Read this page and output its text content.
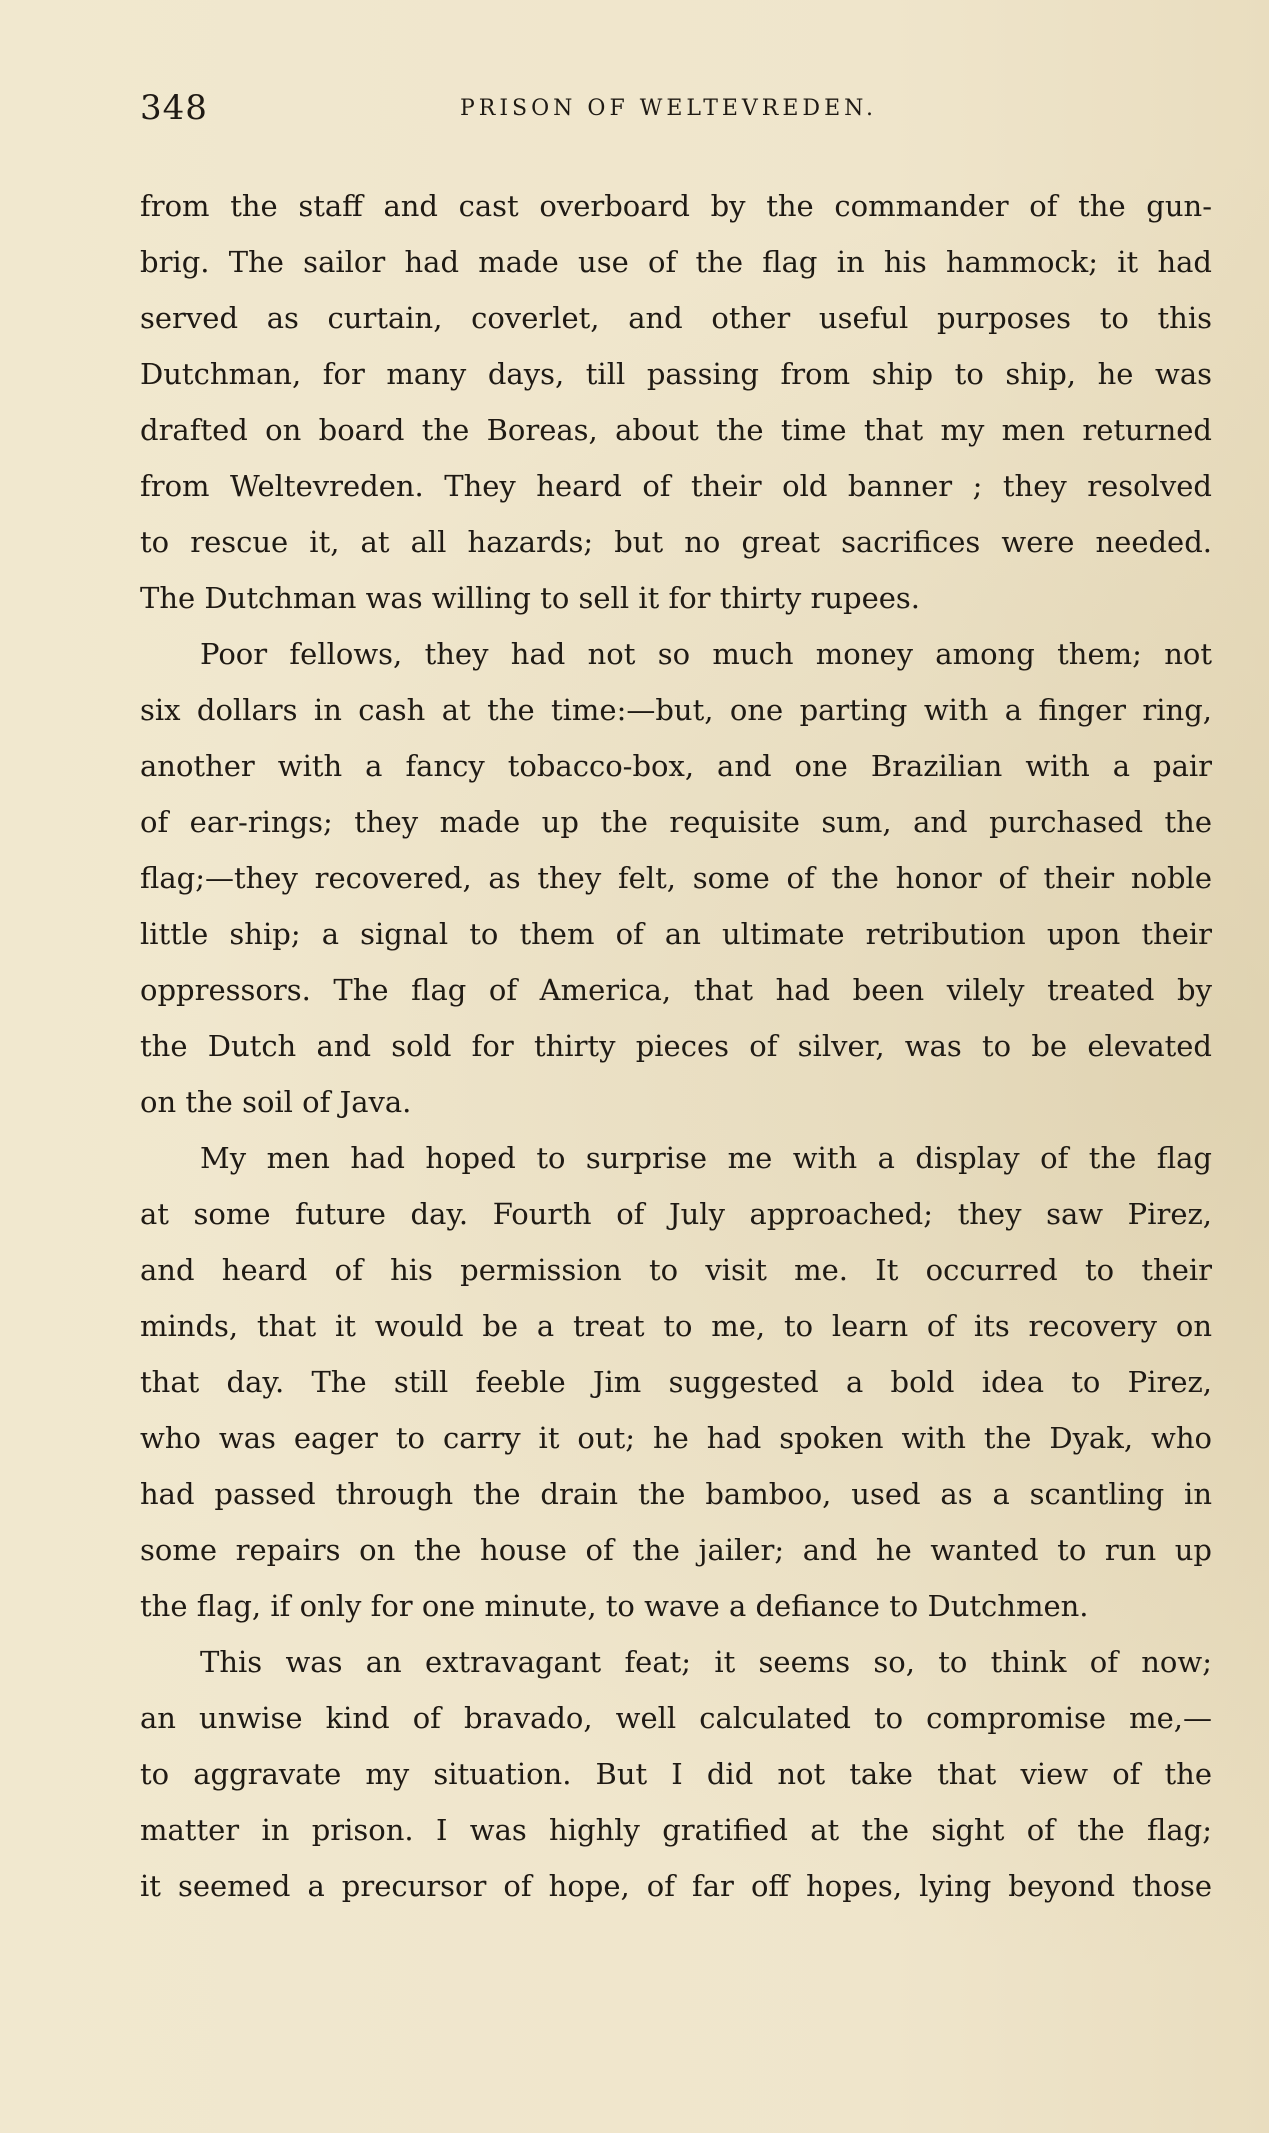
348	PRISON OF WELTEVREDEN.
from the staff and cast overboard by the commander of the gun-
brig. The sailor had made use of the flag in his hammock; it had
served as curtain, coverlet, and other useful purposes to this
Dutchman, for many days, till passing from ship to ship, he was
drafted on board the Boreas, about the time that my men returned
from Weltevreden. They heard of their old banner ; they resolved
to rescue it, at all hazards; but no great sacrifices were needed.
The Dutchman was willing to sell it for thirty rupees.
Poor fellows, they had not so much money among them; not
six dollars in cash at the time:—but, one parting with a finger ring,
another with a fancy tobacco-box, and one Brazilian with a pair
of ear-rings; they made up the requisite sum, and purchased the
flag;—they recovered, as they felt, some of the honor of their noble
little ship; a signal to them of an ultimate retribution upon their
oppressors. The flag of America, that had been vilely treated by
the Dutch and sold for thirty pieces of silver, was to be elevated
on the soil of Java.
My men had hoped to surprise me with a display of the flag
at some future day. Fourth of July approached; they saw Pirez,
and heard of his permission to visit me. It occurred to their
minds, that it would be a treat to me, to learn of its recovery on
that day. The still feeble Jim suggested a bold idea to Pirez,
who was eager to carry it out; he had spoken with the Dyak, who
had passed through the drain the bamboo, used as a scantling in
some repairs on the house of the jailer; and he wanted to run up
the flag, if only for one minute, to wave a defiance to Dutchmen.
This was an extravagant feat; it seems so, to think of now;
an unwise kind of bravado, well calculated to compromise me,—
to aggravate my situation. But I did not take that view of the
matter in prison. I was highly gratified at the sight of the flag;
it seemed a precursor of hope, of far off hopes, lying beyond those
